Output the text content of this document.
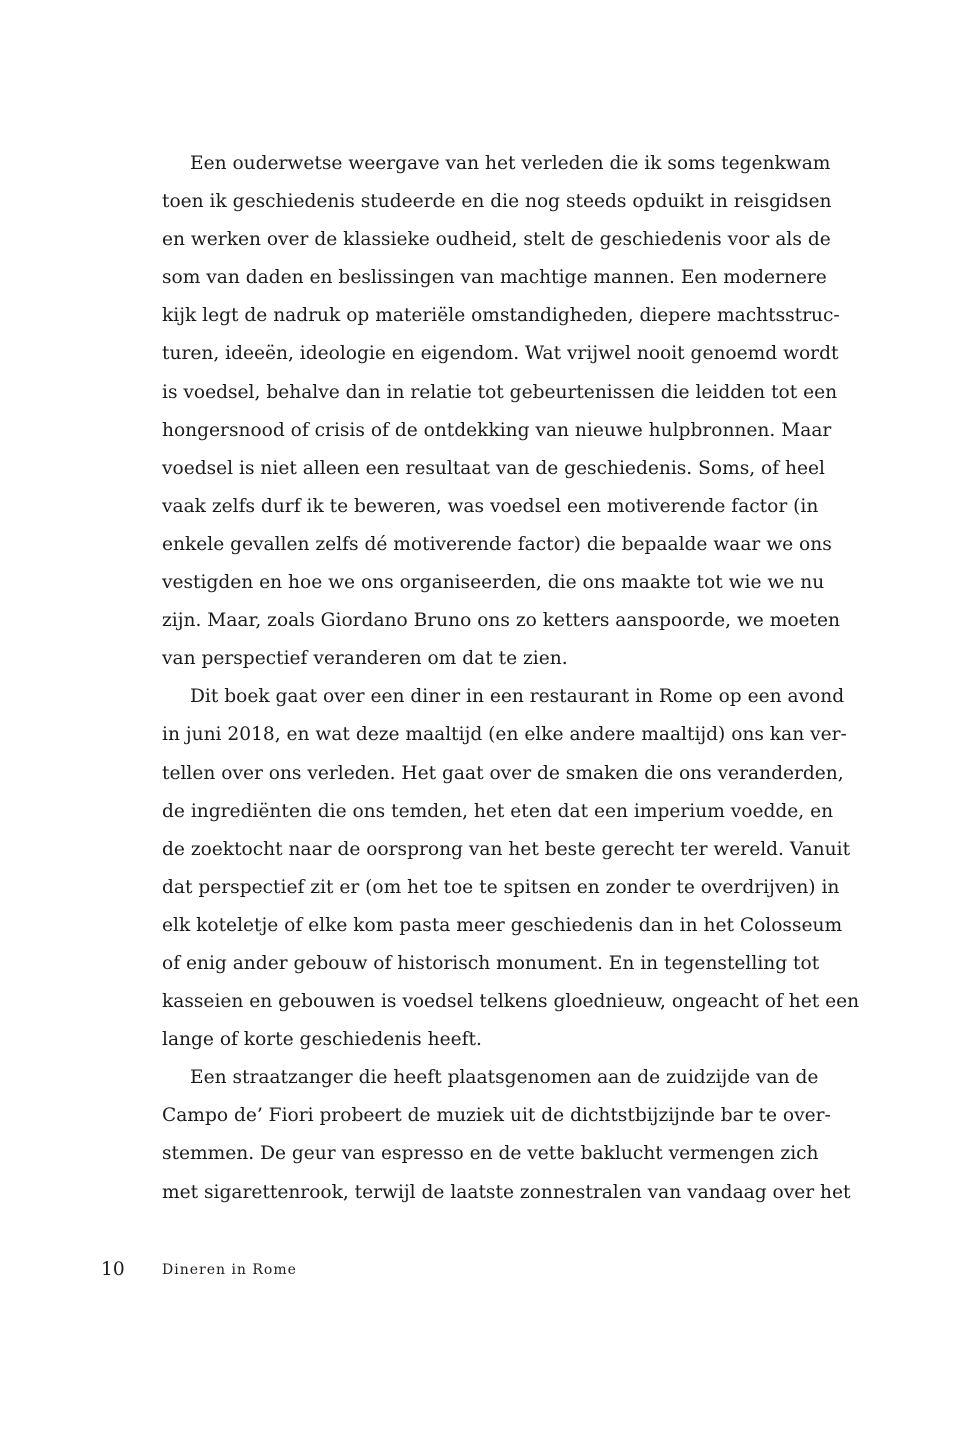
Een ouderwetse weergave van het verleden die ik soms tegenkwam
toen ik geschiedenis studeerde en die nog steeds opduikt in reisgidsen
en werken over de klassieke oudheid, stelt de geschiedenis voor als de
som van daden en beslissingen van machtige mannen. Een modernere
kijk legt de nadruk op materiële omstandigheden, diepere machtsstruc-
turen, ideeën, ideologie en eigendom. Wat vrijwel nooit genoemd wordt
is voedsel, behalve dan in relatie tot gebeurtenissen die leidden tot een
hongersnood of crisis of de ontdekking van nieuwe hulpbronnen. Maar
voedsel is niet alleen een resultaat van de geschiedenis. Soms, of heel
vaak zelfs durf ik te beweren, was voedsel een motiverende factor (in
enkele gevallen zelfs dé motiverende factor) die bepaalde waar we ons
vestigden en hoe we ons organiseerden, die ons maakte tot wie we nu
zijn. Maar, zoals Giordano Bruno ons zo ketters aanspoorde, we moeten
van perspectief veranderen om dat te zien.
Dit boek gaat over een diner in een restaurant in Rome op een avond
in juni 2018, en wat deze maaltijd (en elke andere maaltijd) ons kan ver-
tellen over ons verleden. Het gaat over de smaken die ons veranderden,
de ingrediënten die ons temden, het eten dat een imperium voedde, en
de zoektocht naar de oorsprong van het beste gerecht ter wereld. Vanuit
dat perspectief zit er (om het toe te spitsen en zonder te overdrijven) in
elk koteletje of elke kom pasta meer geschiedenis dan in het Colosseum
of enig ander gebouw of historisch monument. En in tegenstelling tot
kasseien en gebouwen is voedsel telkens gloednieuw, ongeacht of het een
lange of korte geschiedenis heeft.
Een straatzanger die heeft plaatsgenomen aan de zuidzijde van de
Campo de’ Fiori probeert de muziek uit de dichtstbijzijnde bar te over-
stemmen. De geur van espresso en de vette baklucht vermengen zich
met sigarettenrook, terwijl de laatste zonnestralen van vandaag over het
10	Dineren in Rome
